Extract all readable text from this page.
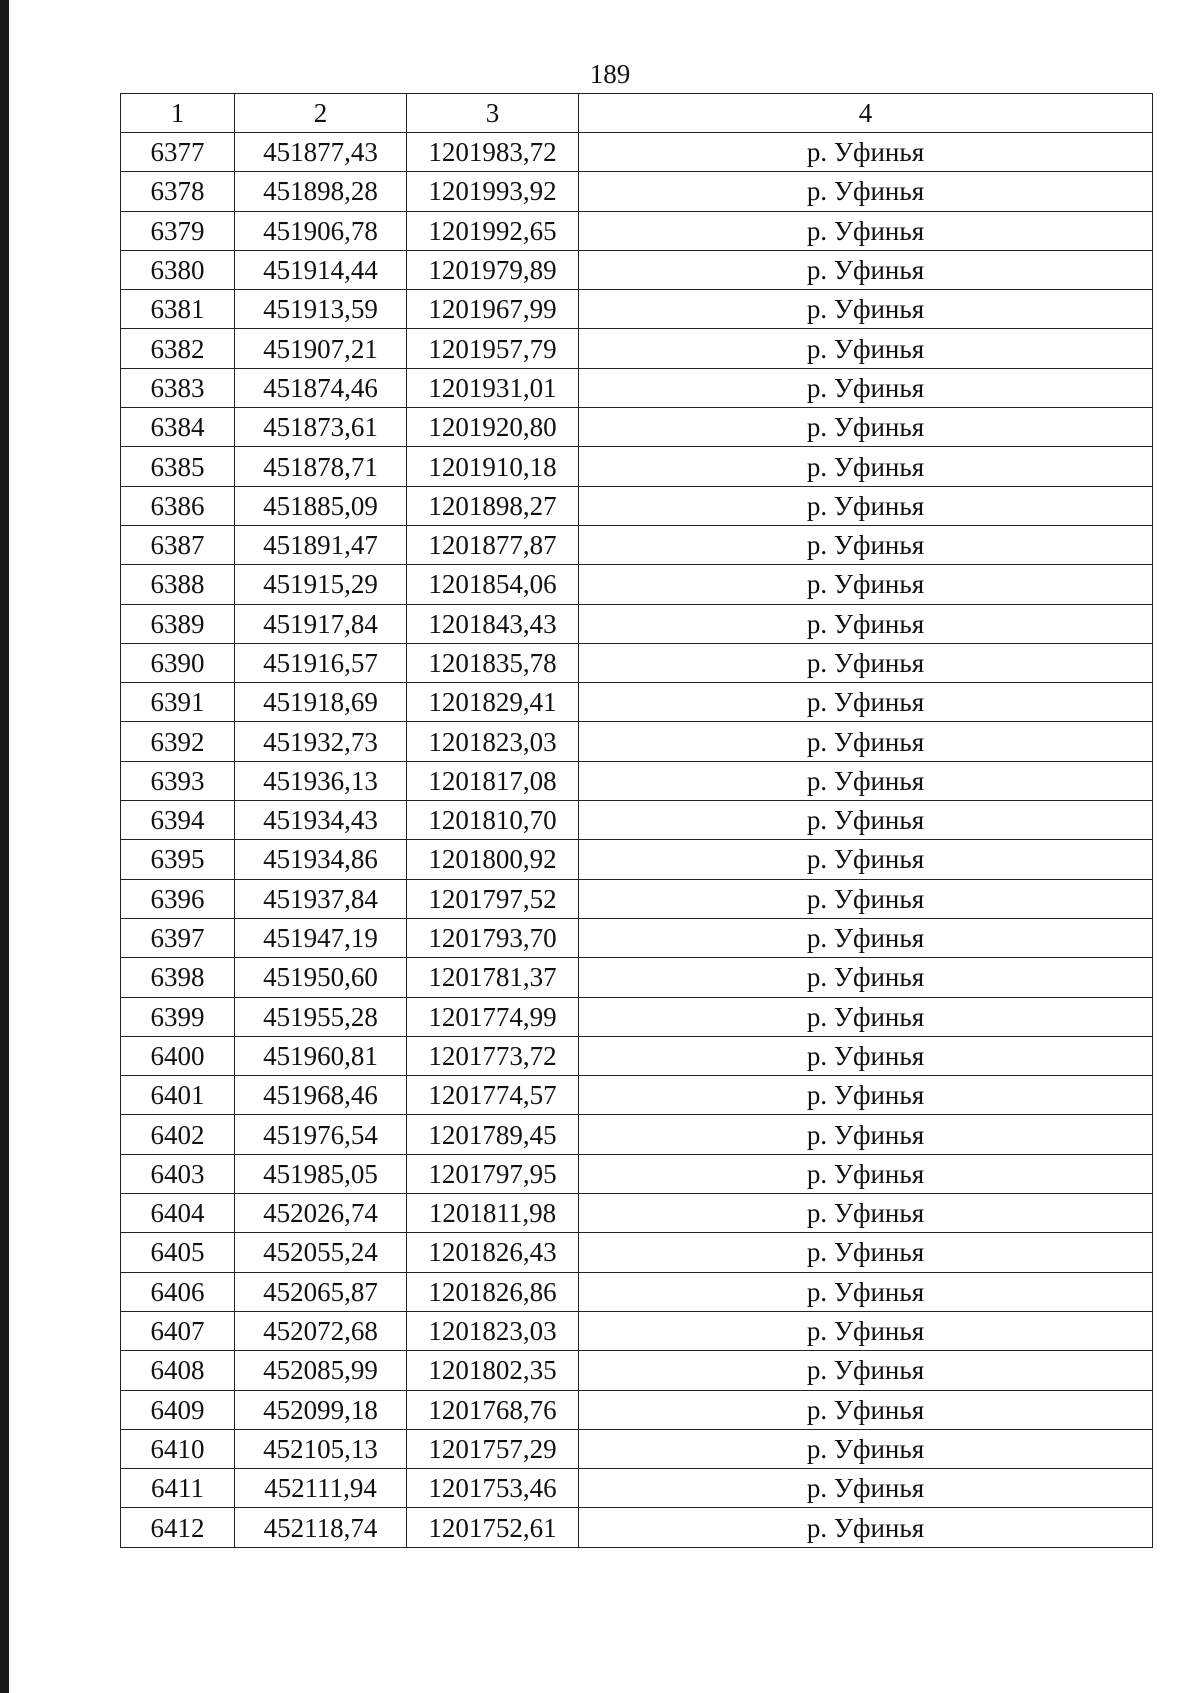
189
1	2	3	4
6377	451877,43	1201983,72	р. Уфинья
6378	451898,28	1201993,92	р. Уфинья
6379	451906,78	1201992,65	р. Уфинья
6380	451914,44	1201979,89	р. Уфинья
6381	451913,59	1201967,99	р. Уфинья
6382	451907,21	1201957,79	р. Уфинья
6383	451874,46	1201931,01	р. Уфинья
6384	451873,61	1201920,80	р. Уфинья
6385	451878,71	1201910,18	р. Уфинья
6386	451885,09	1201898,27	р. Уфинья
6387	451891,47	1201877,87	р. Уфинья
6388	451915,29	1201854,06	р. Уфинья
6389	451917,84	1201843,43	р. Уфинья
6390	451916,57	1201835,78	р. Уфинья
6391	451918,69	1201829,41	р. Уфинья
6392	451932,73	1201823,03	р. Уфинья
6393	451936,13	1201817,08	р. Уфинья
6394	451934,43	1201810,70	р. Уфинья
6395	451934,86	1201800,92	р. Уфинья
6396	451937,84	1201797,52	р. Уфинья
6397	451947,19	1201793,70	р. Уфинья
6398	451950,60	1201781,37	р. Уфинья
6399	451955,28	1201774,99	р. Уфинья
6400	451960,81	1201773,72	р. Уфинья
6401	451968,46	1201774,57	р. Уфинья
6402	451976,54	1201789,45	р. Уфинья
6403	451985,05	1201797,95	р. Уфинья
6404	452026,74	1201811,98	р. Уфинья
6405	452055,24	1201826,43	р. Уфинья
6406	452065,87	1201826,86	р. Уфинья
6407	452072,68	1201823,03	р. Уфинья
6408	452085,99	1201802,35	р. Уфинья
6409	452099,18	1201768,76	р. Уфинья
6410	452105,13	1201757,29	р. Уфинья
6411	452111,94	1201753,46	р. Уфинья
6412	452118,74	1201752,61	р. Уфинья
